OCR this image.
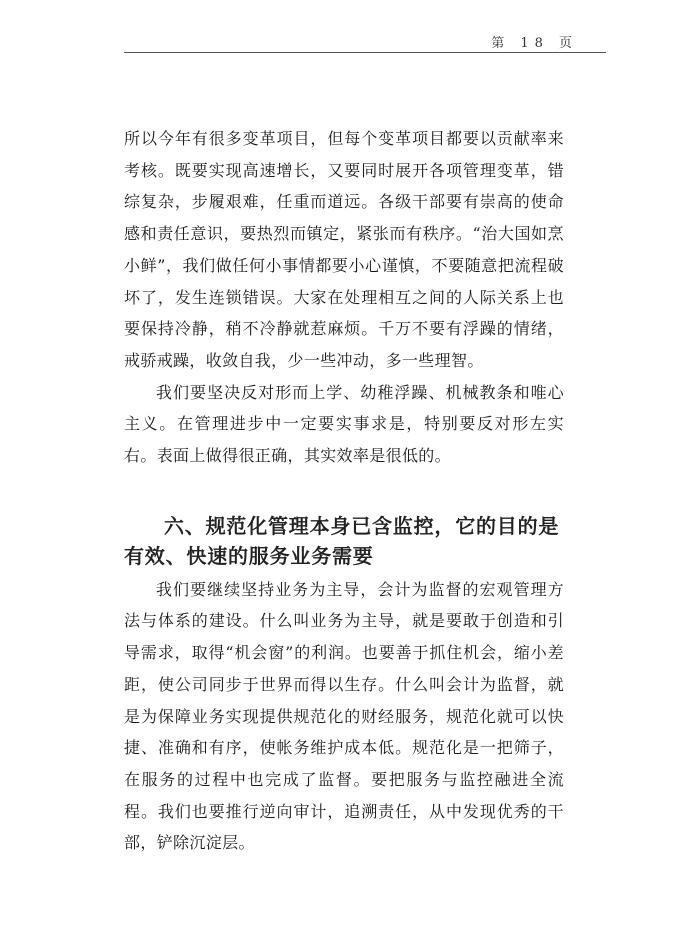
第 18 页

所以今年有很多变革项目，但每个变革项目都要以贡献率来考核。既要实现高速增长，又要同时展开各项管理变革，错综复杂，步履艰难，任重而道远。各级干部要有崇高的使命感和责任意识，要热烈而镇定，紧张而有秩序。“治大国如烹小鲜”，我们做任何小事情都要小心谨慎，不要随意把流程破坏了，发生连锁错误。大家在处理相互之间的人际关系上也要保持冷静，稍不冷静就惹麻烦。千万不要有浮躁的情绪，戒骄戒躁，收敛自我，少一些冲动，多一些理智。

我们要坚决反对形而上学、幼稚浮躁、机械教条和唯心主义。在管理进步中一定要实事求是，特别要反对形左实右。表面上做得很正确，其实效率是很低的。

六、规范化管理本身已含监控，它的目的是有效、快速的服务业务需要

我们要继续坚持业务为主导，会计为监督的宏观管理方法与体系的建设。什么叫业务为主导，就是要敢于创造和引导需求，取得“机会窗”的利润。也要善于抓住机会，缩小差距，使公司同步于世界而得以生存。什么叫会计为监督，就是为保障业务实现提供规范化的财经服务，规范化就可以快捷、准确和有序，使帐务维护成本低。规范化是一把筛子，在服务的过程中也完成了监督。要把服务与监控融进全流程。我们也要推行逆向审计，追溯责任，从中发现优秀的干部，铲除沉淀层。
